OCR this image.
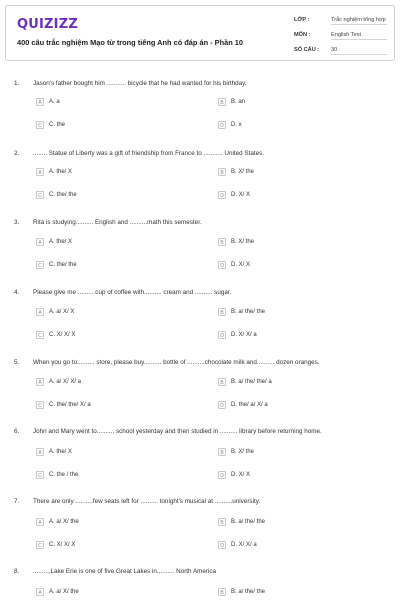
QUIZIZZ
400 câu trắc nghiệm Mạo từ trong tiếng Anh có đáp án - Phần 10
LỚP :	Trắc nghiệm tổng hợp
MÔN :	English Test
SỐ CÂU : 30
1. Jason's father bought him ........... bicycle that he had wanted for his birthday.
A A. a	B B. an
C C. the	D D. x
2. ........ Statue of Liberty was a gift of friendship from France to ........... United States.
A A. the/ X	B B. X/ the
C C. the/ the	D D. X/ X
3. Rita is studying.......... English and ..........math this semester.
A A. the/ X	B B. X/ the
C C. the/ the	D D. X/ X
4. Please give me ..........cup of coffee with.......... cream and .......... sugar.
A A. a/ X/ X	B B. a/ the/ the
C C. X/ X/ X	D D. X/ X/ a
5. When you go to.......... store, please buy.......... bottle of ..........chocolate milk and.......... dozen oranges.
A A. a/ X/ X/ a	B B. a/ the/ the/ a
C C. the/ the/ X/ a	D D. the/ a/ X/ a
6. John and Mary went to.......... school yesterday and then studied in .......... library before returning home.
A A. the/ X	B B. X/ the
C C. the / the	D D. X/ X
7. There are only ..........few seats left for .......... tonight's musical at ..........university.
A A. a/ X/ the	B B. a/ the/ the
C C. X/ X/ X	D D. X/ X/ a
8. ..........Lake Erie is one of five Great Lakes in.......... North America
A A. a/ X/ the	B B. a/ the/ the
